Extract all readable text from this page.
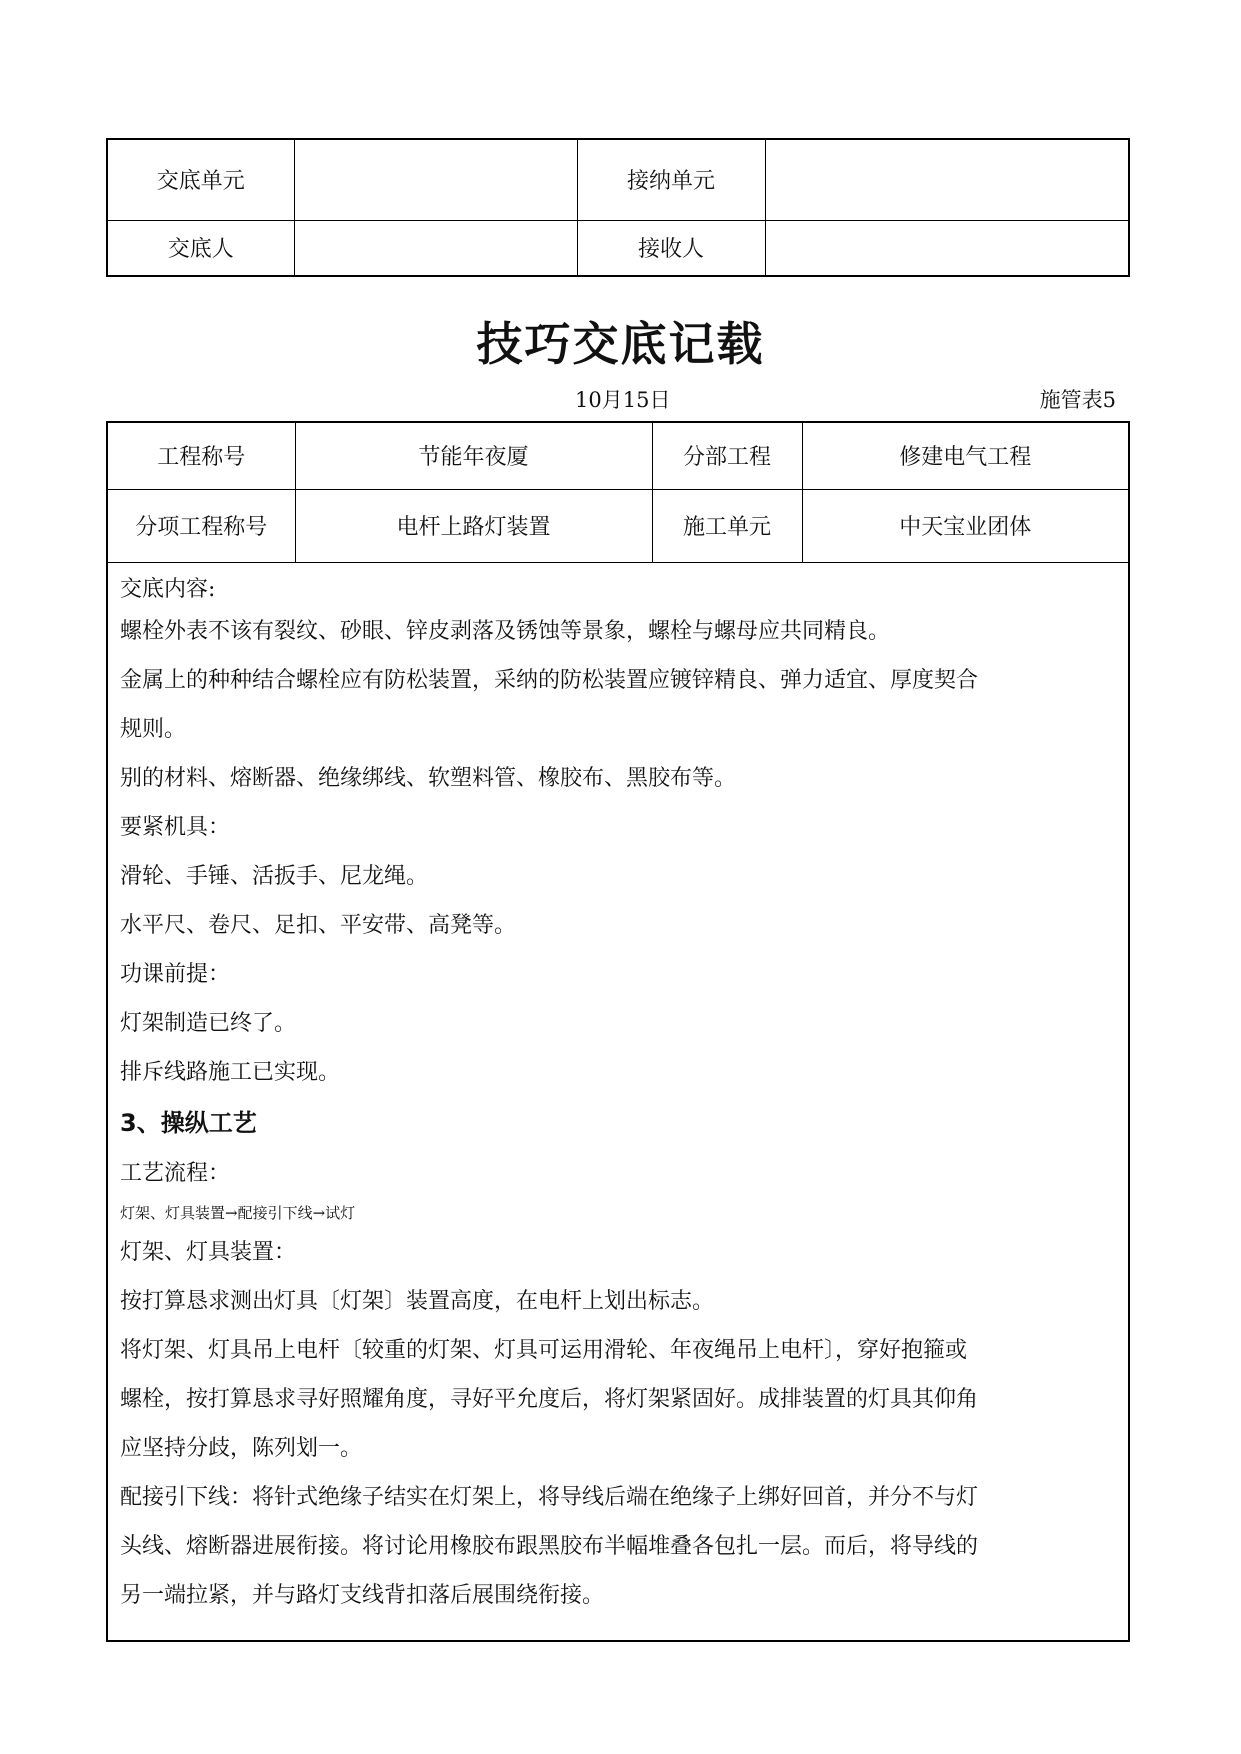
交底单元		接纳单元	
交底人		接收人	
技巧交底记载
10月15日	施管表5
工程称号	节能年夜厦	分部工程	修建电气工程
分项工程称号	电杆上路灯装置	施工单元	中天宝业团体
交底内容:
螺栓外表不该有裂纹、砂眼、锌皮剥落及锈蚀等景象，螺栓与螺母应共同精良。
金属上的种种结合螺栓应有防松装置，采纳的防松装置应镀锌精良、弹力适宜、厚度契合
规则。
别的材料、熔断器、绝缘绑线、软塑料管、橡胶布、黑胶布等。
要紧机具：
滑轮、手锤、活扳手、尼龙绳。
水平尺、卷尺、足扣、平安带、高凳等。
功课前提：
灯架制造已终了。
排斥线路施工已实现。
3、操纵工艺
工艺流程：
灯架、灯具装置→配接引下线→试灯
灯架、灯具装置：
按打算恳求测出灯具〔灯架〕装置高度，在电杆上划出标志。
将灯架、灯具吊上电杆〔较重的灯架、灯具可运用滑轮、年夜绳吊上电杆〕，穿好抱箍或
螺栓，按打算恳求寻好照耀角度，寻好平允度后，将灯架紧固好。成排装置的灯具其仰角
应坚持分歧，陈列划一。
配接引下线：将针式绝缘子结实在灯架上，将导线后端在绝缘子上绑好回首，并分不与灯
头线、熔断器进展衔接。将讨论用橡胶布跟黑胶布半幅堆叠各包扎一层。而后，将导线的
另一端拉紧，并与路灯支线背扣落后展围绕衔接。
